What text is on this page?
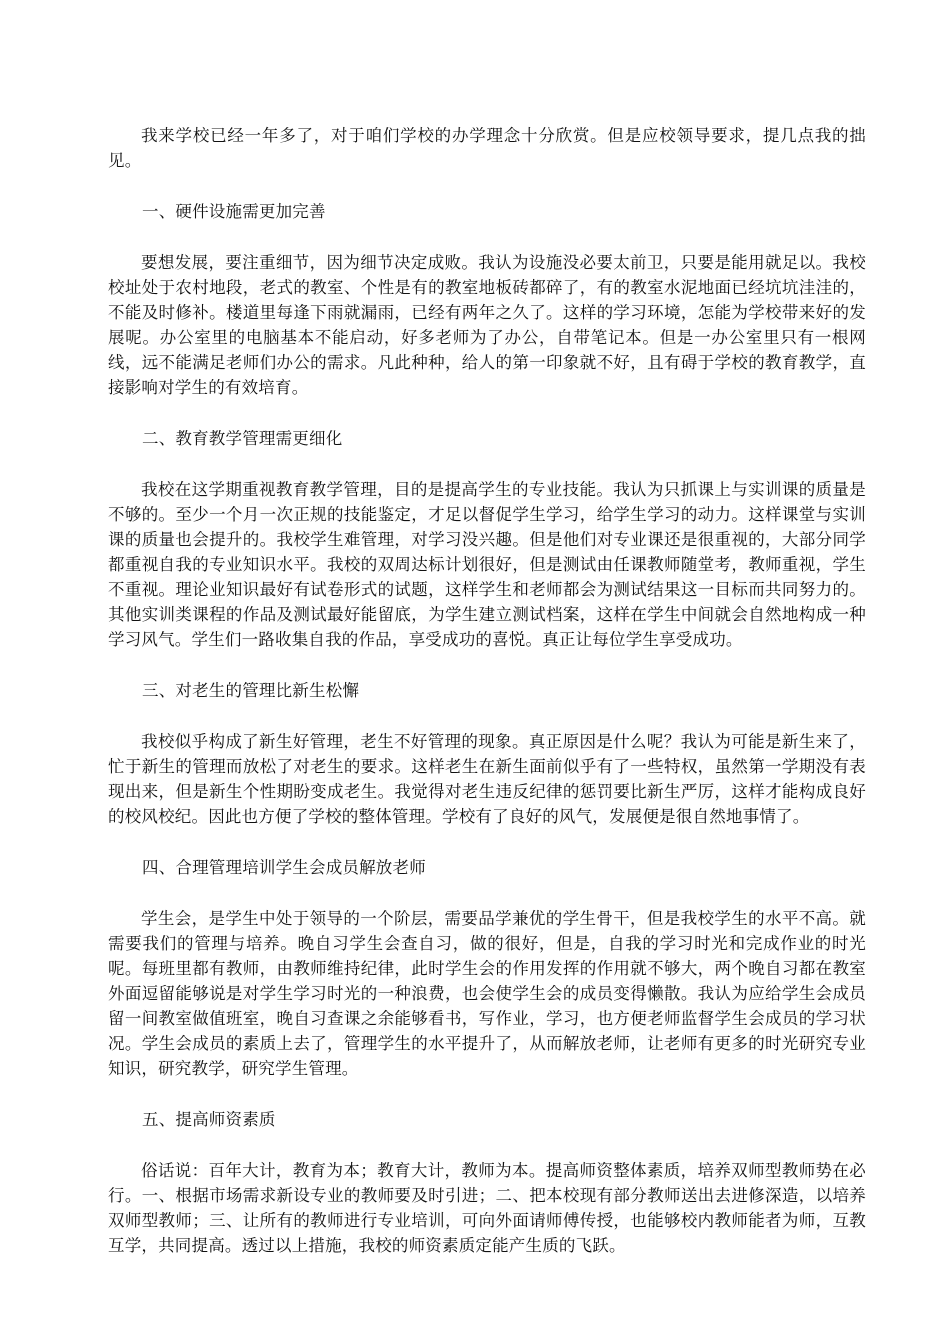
我来学校已经一年多了，对于咱们学校的办学理念十分欣赏。但是应校领导要求，提几点我的拙见。

一、硬件设施需更加完善

要想发展，要注重细节，因为细节决定成败。我认为设施没必要太前卫，只要是能用就足以。我校校址处于农村地段，老式的教室、个性是有的教室地板砖都碎了，有的教室水泥地面已经坑坑洼洼的，不能及时修补。楼道里每逢下雨就漏雨，已经有两年之久了。这样的学习环境，怎能为学校带来好的发展呢。办公室里的电脑基本不能启动，好多老师为了办公，自带笔记本。但是一办公室里只有一根网线，远不能满足老师们办公的需求。凡此种种，给人的第一印象就不好，且有碍于学校的教育教学，直接影响对学生的有效培育。

二、教育教学管理需更细化

我校在这学期重视教育教学管理，目的是提高学生的专业技能。我认为只抓课上与实训课的质量是不够的。至少一个月一次正规的技能鉴定，才足以督促学生学习，给学生学习的动力。这样课堂与实训课的质量也会提升的。我校学生难管理，对学习没兴趣。但是他们对专业课还是很重视的，大部分同学都重视自我的专业知识水平。我校的双周达标计划很好，但是测试由任课教师随堂考，教师重视，学生不重视。理论业知识最好有试卷形式的试题，这样学生和老师都会为测试结果这一目标而共同努力的。其他实训类课程的作品及测试最好能留底，为学生建立测试档案，这样在学生中间就会自然地构成一种学习风气。学生们一路收集自我的作品，享受成功的喜悦。真正让每位学生享受成功。

三、对老生的管理比新生松懈

我校似乎构成了新生好管理，老生不好管理的现象。真正原因是什么呢？我认为可能是新生来了，忙于新生的管理而放松了对老生的要求。这样老生在新生面前似乎有了一些特权，虽然第一学期没有表现出来，但是新生个性期盼变成老生。我觉得对老生违反纪律的惩罚要比新生严厉，这样才能构成良好的校风校纪。因此也方便了学校的整体管理。学校有了良好的风气，发展便是很自然地事情了。

四、合理管理培训学生会成员解放老师

学生会，是学生中处于领导的一个阶层，需要品学兼优的学生骨干，但是我校学生的水平不高。就需要我们的管理与培养。晚自习学生会查自习，做的很好，但是，自我的学习时光和完成作业的时光呢。每班里都有教师，由教师维持纪律，此时学生会的作用发挥的作用就不够大，两个晚自习都在教室外面逗留能够说是对学生学习时光的一种浪费，也会使学生会的成员变得懒散。我认为应给学生会成员留一间教室做值班室，晚自习查课之余能够看书，写作业，学习，也方便老师监督学生会成员的学习状况。学生会成员的素质上去了，管理学生的水平提升了，从而解放老师，让老师有更多的时光研究专业知识，研究教学，研究学生管理。

五、提高师资素质

俗话说：百年大计，教育为本；教育大计，教师为本。提高师资整体素质，培养双师型教师势在必行。一、根据市场需求新设专业的教师要及时引进；二、把本校现有部分教师送出去进修深造，以培养双师型教师；三、让所有的教师进行专业培训，可向外面请师傅传授，也能够校内教师能者为师，互教互学，共同提高。透过以上措施，我校的师资素质定能产生质的飞跃。
